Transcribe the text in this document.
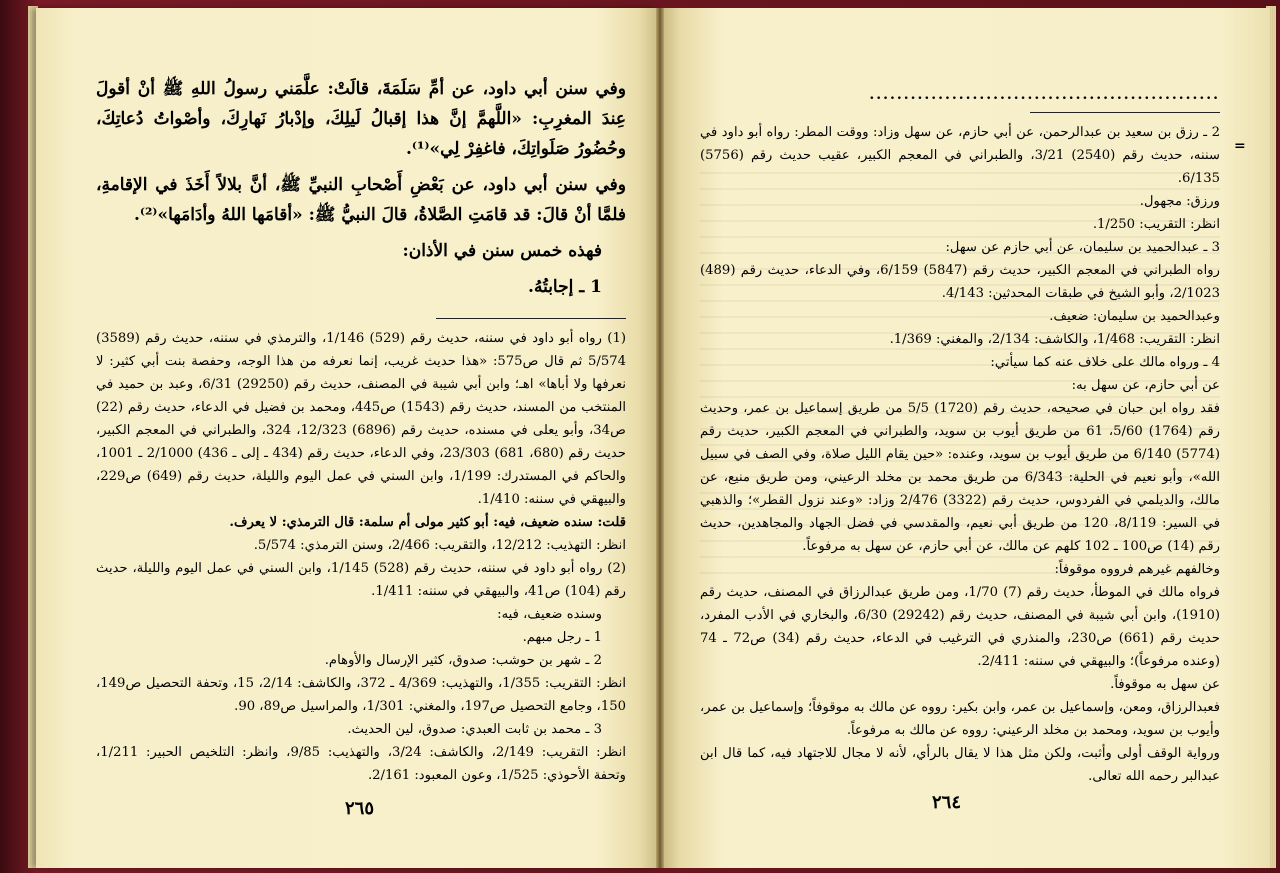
وفي سنن أبي داود، عن أمِّ سَلَمَةَ، قالَتْ: علَّمَني رسولُ اللهِ ﷺ أنْ أقولَ عِندَ المغرِبِ: «اللَّهمَّ إنَّ هذا إقبالُ لَيلِكَ، وإدْبارُ نَهارِكَ، وأصْواتُ دُعاتِكَ، وحُضُورُ صَلَواتِكَ، فاغفِرْ لِي»⁽¹⁾.

وفي سنن أبي داود، عن بَعْضِ أَصْحابِ النبيِّ ﷺ، أنَّ بلالاً أَخَذَ في الإقامةِ، فلمَّا أنْ قالَ: قد قامَتِ الصَّلاةُ، قالَ النبيُّ ﷺ: «أقامَها اللهُ وأدَامَها»⁽²⁾.

فهذه خمس سنن في الأذان:
1 ـ إجابتُهُ.

(1) رواه أبو داود في سننه، حديث رقم (529) 1/146، والترمذي في سننه، حديث رقم (3589) 5/574 ثم قال ص575: «هذا حديث غريب، إنما نعرفه من هذا الوجه، وحفصة بنت أبي كثير: لا نعرفها ولا أباها» اهـ؛ وابن أبي شيبة في المصنف، حديث رقم (29250) 6/31، وعبد بن حميد في المنتخب من المسند، حديث رقم (1543) ص445، ومحمد بن فضيل في الدعاء، حديث رقم (22) ص34، وأبو يعلى في مسنده، حديث رقم (6896) 12/323، 324، والطبراني في المعجم الكبير، حديث رقم (680، 681) 23/303، وفي الدعاء، حديث رقم (434 ـ إلى ـ 436) 2/1000 ـ 1001، والحاكم في المستدرك: 1/199، وابن السني في عمل اليوم والليلة، حديث رقم (649) ص229، والبيهقي في سننه: 1/410.

قلت: سنده ضعيف، فيه: أبو كثير مولى أم سلمة: قال الترمذي: لا يعرف.

انظر: التهذيب: 12/212، والتقريب: 2/466، وسنن الترمذي: 5/574.

(2) رواه أبو داود في سننه، حديث رقم (528) 1/145، وابن السني في عمل اليوم والليلة، حديث رقم (104) ص41، والبيهقي في سننه: 1/411.

وسنده ضعيف، فيه:

1 ـ رجل مبهم.

2 ـ شهر بن حوشب: صدوق، كثير الإرسال والأوهام.

انظر: التقريب: 1/355، والتهذيب: 4/369 ـ 372، والكاشف: 2/14، 15، وتحفة التحصيل ص149، 150، وجامع التحصيل ص197، والمغني: 1/301، والمراسيل ص89، 90.

3 ـ محمد بن ثابت العبدي: صدوق، لين الحديث.

انظر: التقريب: 2/149، والكاشف: 3/24، والتهذيب: 9/85، وانظر: التلخيص الحبير: 1/211، وتحفة الأحوذي: 1/525، وعون المعبود: 2/161.

٢٦٥
...................................................

2 ـ رزق بن سعيد بن عبدالرحمن، عن أبي حازم، عن سهل وزاد: ووقت المطر: رواه أبو داود في سننه، حديث رقم (2540) 3/21، والطبراني في المعجم الكبير، عقيب حديث رقم (5756) 6/135.

ورزق: مجهول.

انظر: التقريب: 1/250.

3 ـ عبدالحميد بن سليمان، عن أبي حازم عن سهل:

رواه الطبراني في المعجم الكبير، حديث رقم (5847) 6/159، وفي الدعاء، حديث رقم (489) 2/1023، وأبو الشيخ في طبقات المحدثين: 4/143.

وعبدالحميد بن سليمان: ضعيف.

انظر: التقريب: 1/468، والكاشف: 2/134، والمغني: 1/369.

4 ـ ورواه مالك على خلاف عنه كما سيأتي:

عن أبي حازم، عن سهل به:

فقد رواه ابن حبان في صحيحه، حديث رقم (1720) 5/5 من طريق إسماعيل بن عمر، وحديث رقم (1764) 5/60، 61 من طريق أيوب بن سويد، والطبراني في المعجم الكبير، حديث رقم (5774) 6/140 من طريق أيوب بن سويد، وعنده: «حين يقام الليل صلاة، وفي الصف في سبيل الله»، وأبو نعيم في الحلية: 6/343 من طريق محمد بن مخلد الرعيني، ومن طريق منيع، عن مالك، والديلمي في الفردوس، حديث رقم (3322) 2/476 وزاد: «وعند نزول القطر»؛ والذهبي في السير: 8/119، 120 من طريق أبي نعيم، والمقدسي في فضل الجهاد والمجاهدين، حديث رقم (14) ص100 ـ 102 كلهم عن مالك، عن أبي حازم، عن سهل به مرفوعاً.

وخالفهم غيرهم فرووه موقوفاً:

فرواه مالك في الموطأ، حديث رقم (7) 1/70، ومن طريق عبدالرزاق في المصنف، حديث رقم (1910)، وابن أبي شيبة في المصنف، حديث رقم (29242) 6/30، والبخاري في الأدب المفرد، حديث رقم (661) ص230، والمنذري في الترغيب في الدعاء، حديث رقم (34) ص72 ـ 74 (وعنده مرفوعاً)؛ والبيهقي في سننه: 2/411.

عن سهل به موقوفاً.

فعبدالرزاق، ومعن، وإسماعيل بن عمر، وابن بكير: رووه عن مالك به موقوفاً؛ وإسماعيل بن عمر، وأيوب بن سويد، ومحمد بن مخلد الرعيني: رووه عن مالك به مرفوعاً.

ورواية الوقف أولى وأثبت، ولكن مثل هذا لا يقال بالرأي، لأنه لا مجال للاجتهاد فيه، كما قال ابن عبدالبر رحمه الله تعالى.

=
٢٦٤
